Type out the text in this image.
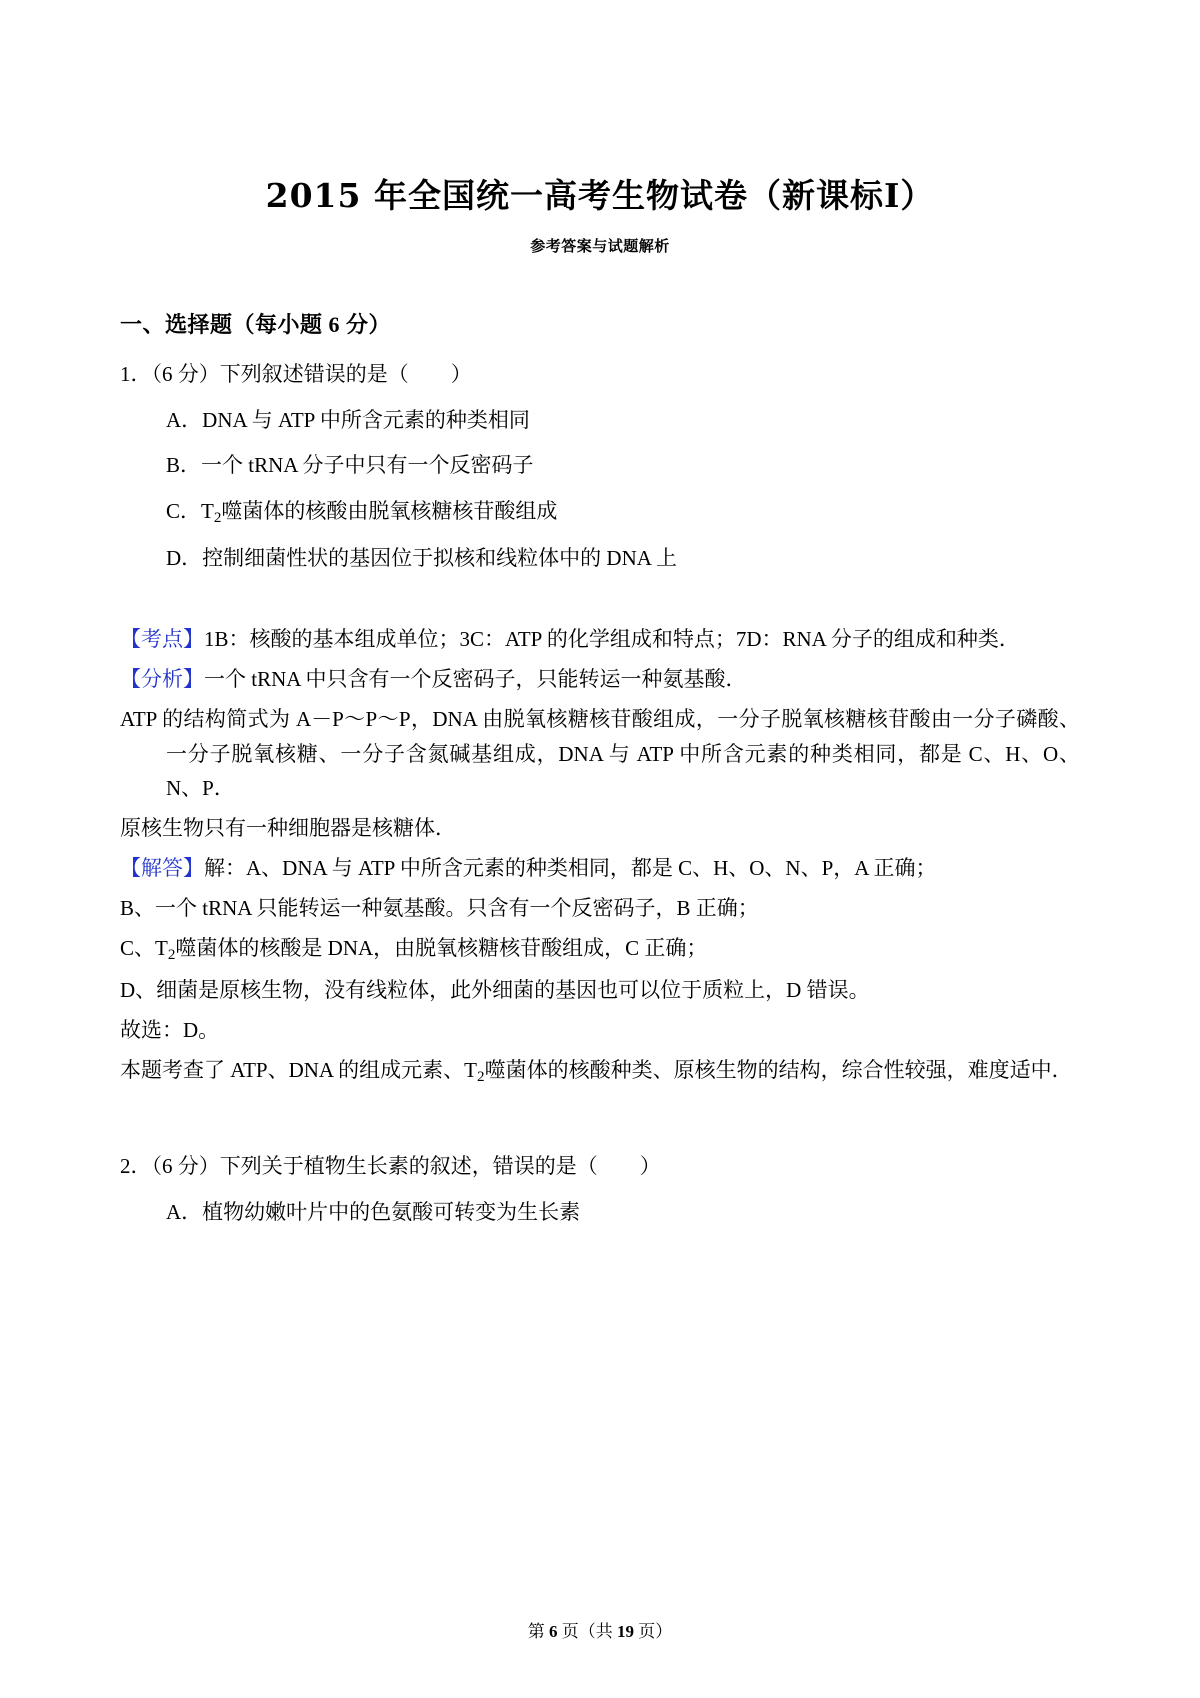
2015 年全国统一高考生物试卷（新课标Ⅰ）
参考答案与试题解析
一、选择题（每小题 6 分）
1．（6 分）下列叙述错误的是（　　）
A．DNA 与 ATP 中所含元素的种类相同
B．一个 tRNA 分子中只有一个反密码子
C．$T_2$噬菌体的核酸由脱氧核糖核苷酸组成
D．控制细菌性状的基因位于拟核和线粒体中的 DNA 上
【考点】1B：核酸的基本组成单位；3C：ATP 的化学组成和特点；7D：RNA 分子的组成和种类．
【分析】一个 tRNA 中只含有一个反密码子，只能转运一种氨基酸．
ATP 的结构简式为 A－P～P～P，DNA 由脱氧核糖核苷酸组成，一分子脱氧核糖核苷酸由一分子磷酸、一分子脱氧核糖、一分子含氮碱基组成，DNA 与 ATP 中所含元素的种类相同，都是 C、H、O、N、P．
原核生物只有一种细胞器是核糖体．
【解答】解：A、DNA 与 ATP 中所含元素的种类相同，都是 C、H、O、N、P，A 正确；
B、一个 tRNA 只能转运一种氨基酸。只含有一个反密码子，B 正确；
C、$T_2$噬菌体的核酸是 DNA，由脱氧核糖核苷酸组成，C 正确；
D、细菌是原核生物，没有线粒体，此外细菌的基因也可以位于质粒上，D 错误。
故选：D。
本题考查了 ATP、DNA 的组成元素、$T_2$噬菌体的核酸种类、原核生物的结构，综合性较强，难度适中．
2．（6 分）下列关于植物生长素的叙述，错误的是（　　）
A．植物幼嫩叶片中的色氨酸可转变为生长素
第 6 页（共 19 页）
